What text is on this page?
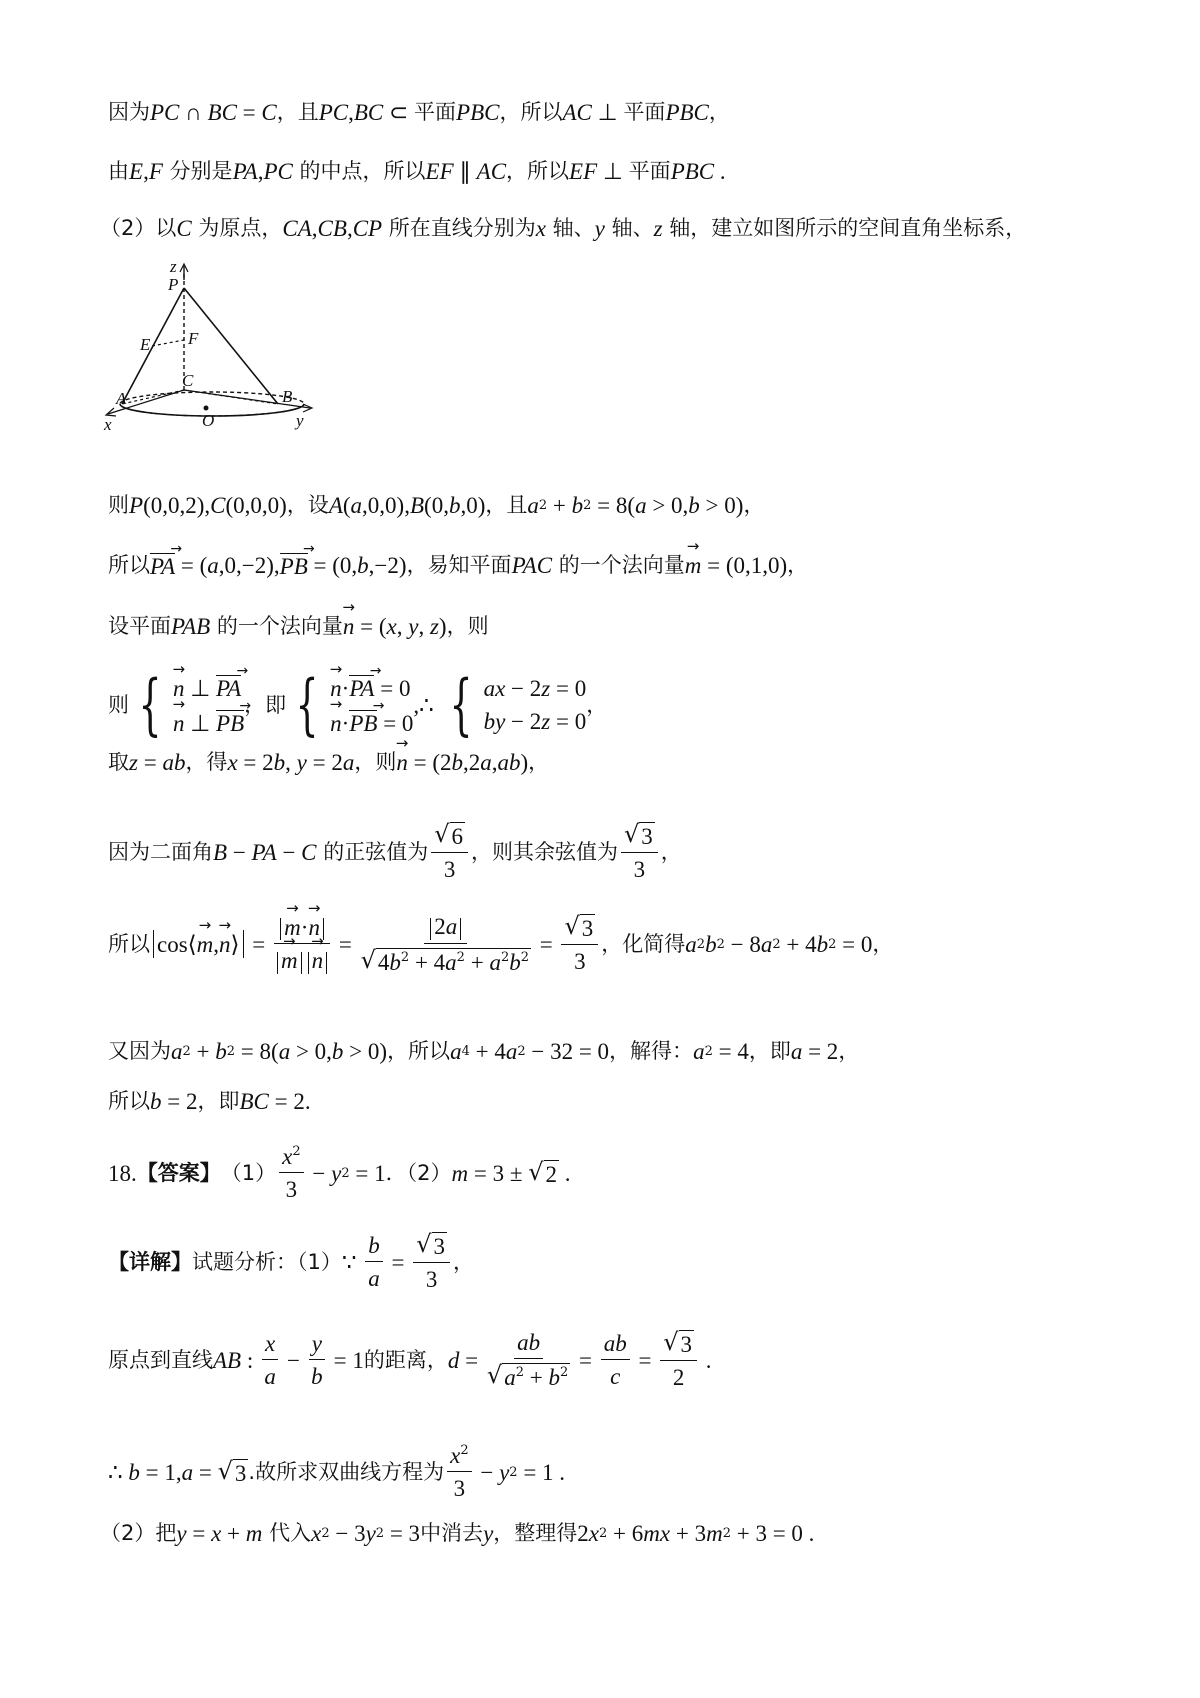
因为 PC ∩ BC = C ，且 PC , BC ⊂ 平面 PBC ，所以 AC ⊥ 平面 PBC ，
由 E , F 分别是 PA , PC 的中点，所以 EF ∥ AC ，所以 EF ⊥ 平面 PBC .
（2）以 C 为原点， CA , CB , CP 所在直线分别为 x 轴、 y 轴、 z 轴，建立如图所示的空间直角坐标系，
z
P
E F
C
A	B
O
x	y
则 P (0,0,2), C (0,0,0) ，设 A ( a ,0,0), B (0, b ,0) ，且 a 2 + b 2 = 8( a > 0, b > 0) ，
所以 PA → = ( a ,0,−2), PB → = (0, b ,−2) ，易知平面 PAC 的一个法向量 → m = (0,1,0) ，
设平面 PAB 的一个法向量 → n = ( x , y , z ) ，则
则 { → n ⊥ PA →
→ n ⊥ PB →
，即 { → n·PA → = 0
→ n·PB → = 0
,∴ { ax − 2z = 0
by − 2z = 0
，
取 z = ab ，得 x = 2 b , y = 2 a ，则 → n = (2 b ,2 a , ab ) ，
因为二面角 B − PA − C 的正弦值为 $\frac{√ 6}{3}$ ，则其余弦值为 $\frac{√ 3}{3}$ ，
所以 cos ⟨ → m , → n ⟩ = → m·→ n
→ $m \to n = \frac{2a}{√ 4b^2 + 4a^2 + a^2b^2} = \frac{√ 3}{3}$ ，化简得 a 2 b 2 − 8 a 2 + 4 b 2 = 0 ，
又因为 a 2 + b 2 = 8( a > 0, b > 0) ，所以 a 4 + 4 a 2 − 32 = 0 ，解得： a 2 = 4 ，即 a = 2 ，
所以 b = 2 ，即 BC = 2.
18. 【答案】 $(1) \frac{x^2}{3} - y$ 2 = 1 ．（2） m = 3 ± √ 2 .
【详解】 试题分析：（1） ∵ $\frac{b}{a} = \frac{√ 3}{3}$ ，
原点到直线 AB : $\frac{x}{a} - \frac{y}{b} = 1$ 的距离， $d = \frac{ab}{√ a^2 + b^2} = \frac{ab}{c} = \frac{√ 3}{2}$ .
∴ b = 1, a = √ 3 .故所求双曲线方程为 $\frac{x^2}{3} - y$ 2 = 1 .
（2）把 y = x + m 代入 x 2 − 3 y 2 = 3 中消去 y ，整理得 2 x 2 + 6 mx + 3 m 2 + 3 = 0 .
